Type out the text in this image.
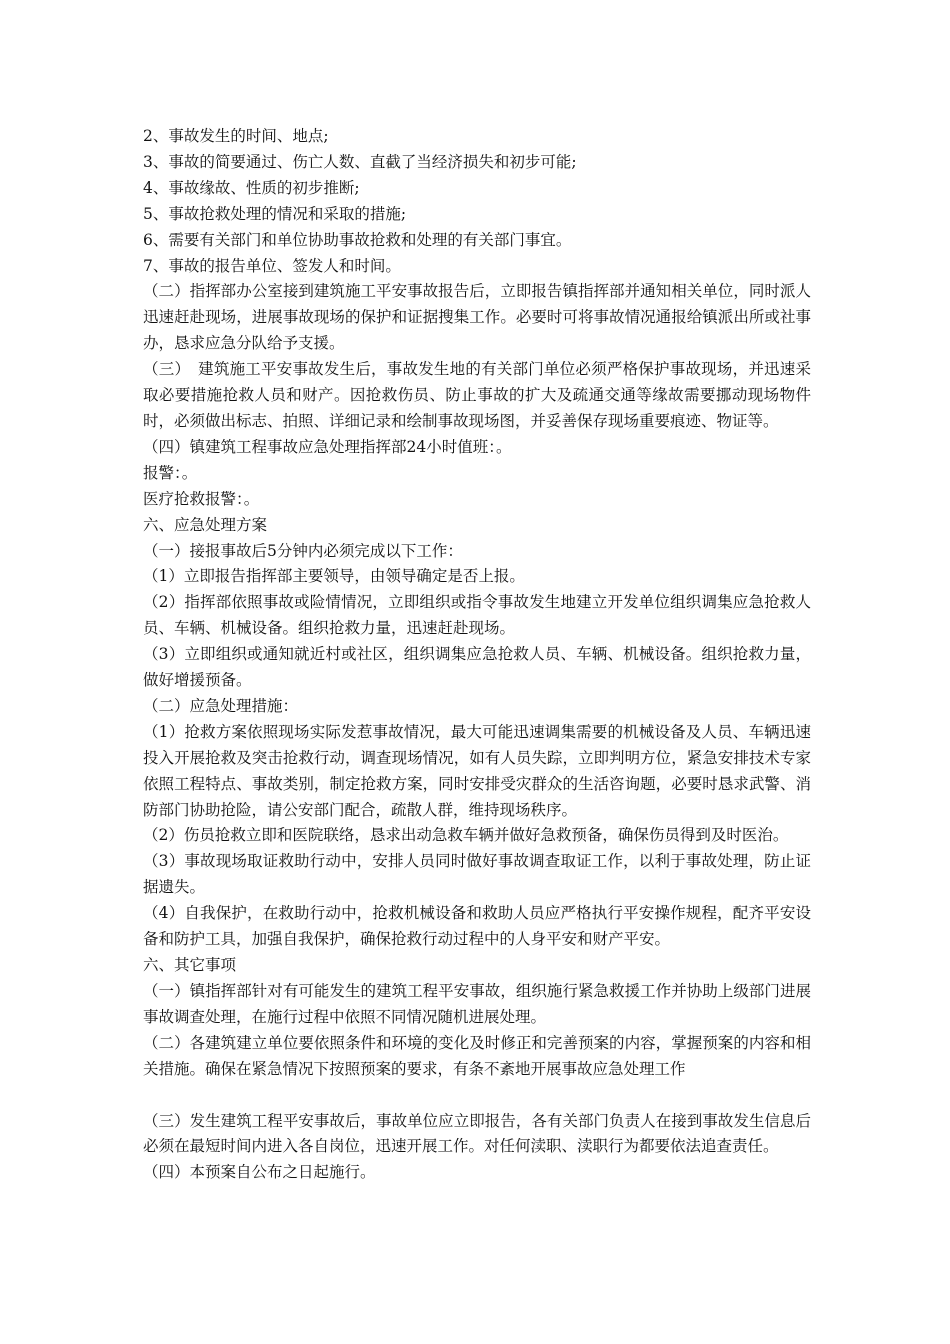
2、事故发生的时间、地点;

3、事故的简要通过、伤亡人数、直截了当经济损失和初步可能;

4、事故缘故、性质的初步推断;

5、事故抢救处理的情况和采取的措施;

6、需要有关部门和单位协助事故抢救和处理的有关部门事宜。

7、事故的报告单位、签发人和时间。

（二）指挥部办公室接到建筑施工平安事故报告后，立即报告镇指挥部并通知相关单位，同时派人迅速赶赴现场，进展事故现场的保护和证据搜集工作。必要时可将事故情况通报给镇派出所或社事办，恳求应急分队给予支援。

（三）　建筑施工平安事故发生后，事故发生地的有关部门单位必须严格保护事故现场，并迅速采取必要措施抢救人员和财产。因抢救伤员、防止事故的扩大及疏通交通等缘故需要挪动现场物件时，必须做出标志、拍照、详细记录和绘制事故现场图，并妥善保存现场重要痕迹、物证等。

（四）镇建筑工程事故应急处理指挥部24小时值班：。

报警：。

医疗抢救报警：。

六、应急处理方案

（一）接报事故后5分钟内必须完成以下工作：

（1）立即报告指挥部主要领导，由领导确定是否上报。

（2）指挥部依照事故或险情情况，立即组织或指令事故发生地建立开发单位组织调集应急抢救人员、车辆、机械设备。组织抢救力量，迅速赶赴现场。

（3）立即组织或通知就近村或社区，组织调集应急抢救人员、车辆、机械设备。组织抢救力量，做好增援预备。

（二）应急处理措施：

（1）抢救方案依照现场实际发惹事故情况，最大可能迅速调集需要的机械设备及人员、车辆迅速投入开展抢救及突击抢救行动，调查现场情况，如有人员失踪，立即判明方位，紧急安排技术专家依照工程特点、事故类别，制定抢救方案，同时安排受灾群众的生活咨询题，必要时恳求武警、消防部门协助抢险，请公安部门配合，疏散人群，维持现场秩序。

（2）伤员抢救立即和医院联络，恳求出动急救车辆并做好急救预备，确保伤员得到及时医治。

（3）事故现场取证救助行动中，安排人员同时做好事故调查取证工作，以利于事故处理，防止证据遗失。

（4）自我保护，在救助行动中，抢救机械设备和救助人员应严格执行平安操作规程，配齐平安设备和防护工具，加强自我保护，确保抢救行动过程中的人身平安和财产平安。

六、其它事项

（一）镇指挥部针对有可能发生的建筑工程平安事故，组织施行紧急救援工作并协助上级部门进展事故调查处理，在施行过程中依照不同情况随机进展处理。

（二）各建筑建立单位要依照条件和环境的变化及时修正和完善预案的内容，掌握预案的内容和相关措施。确保在紧急情况下按照预案的要求，有条不紊地开展事故应急处理工作

（三）发生建筑工程平安事故后，事故单位应立即报告，各有关部门负责人在接到事故发生信息后必须在最短时间内进入各自岗位，迅速开展工作。对任何渎职、渎职行为都要依法追查责任。

（四）本预案自公布之日起施行。
